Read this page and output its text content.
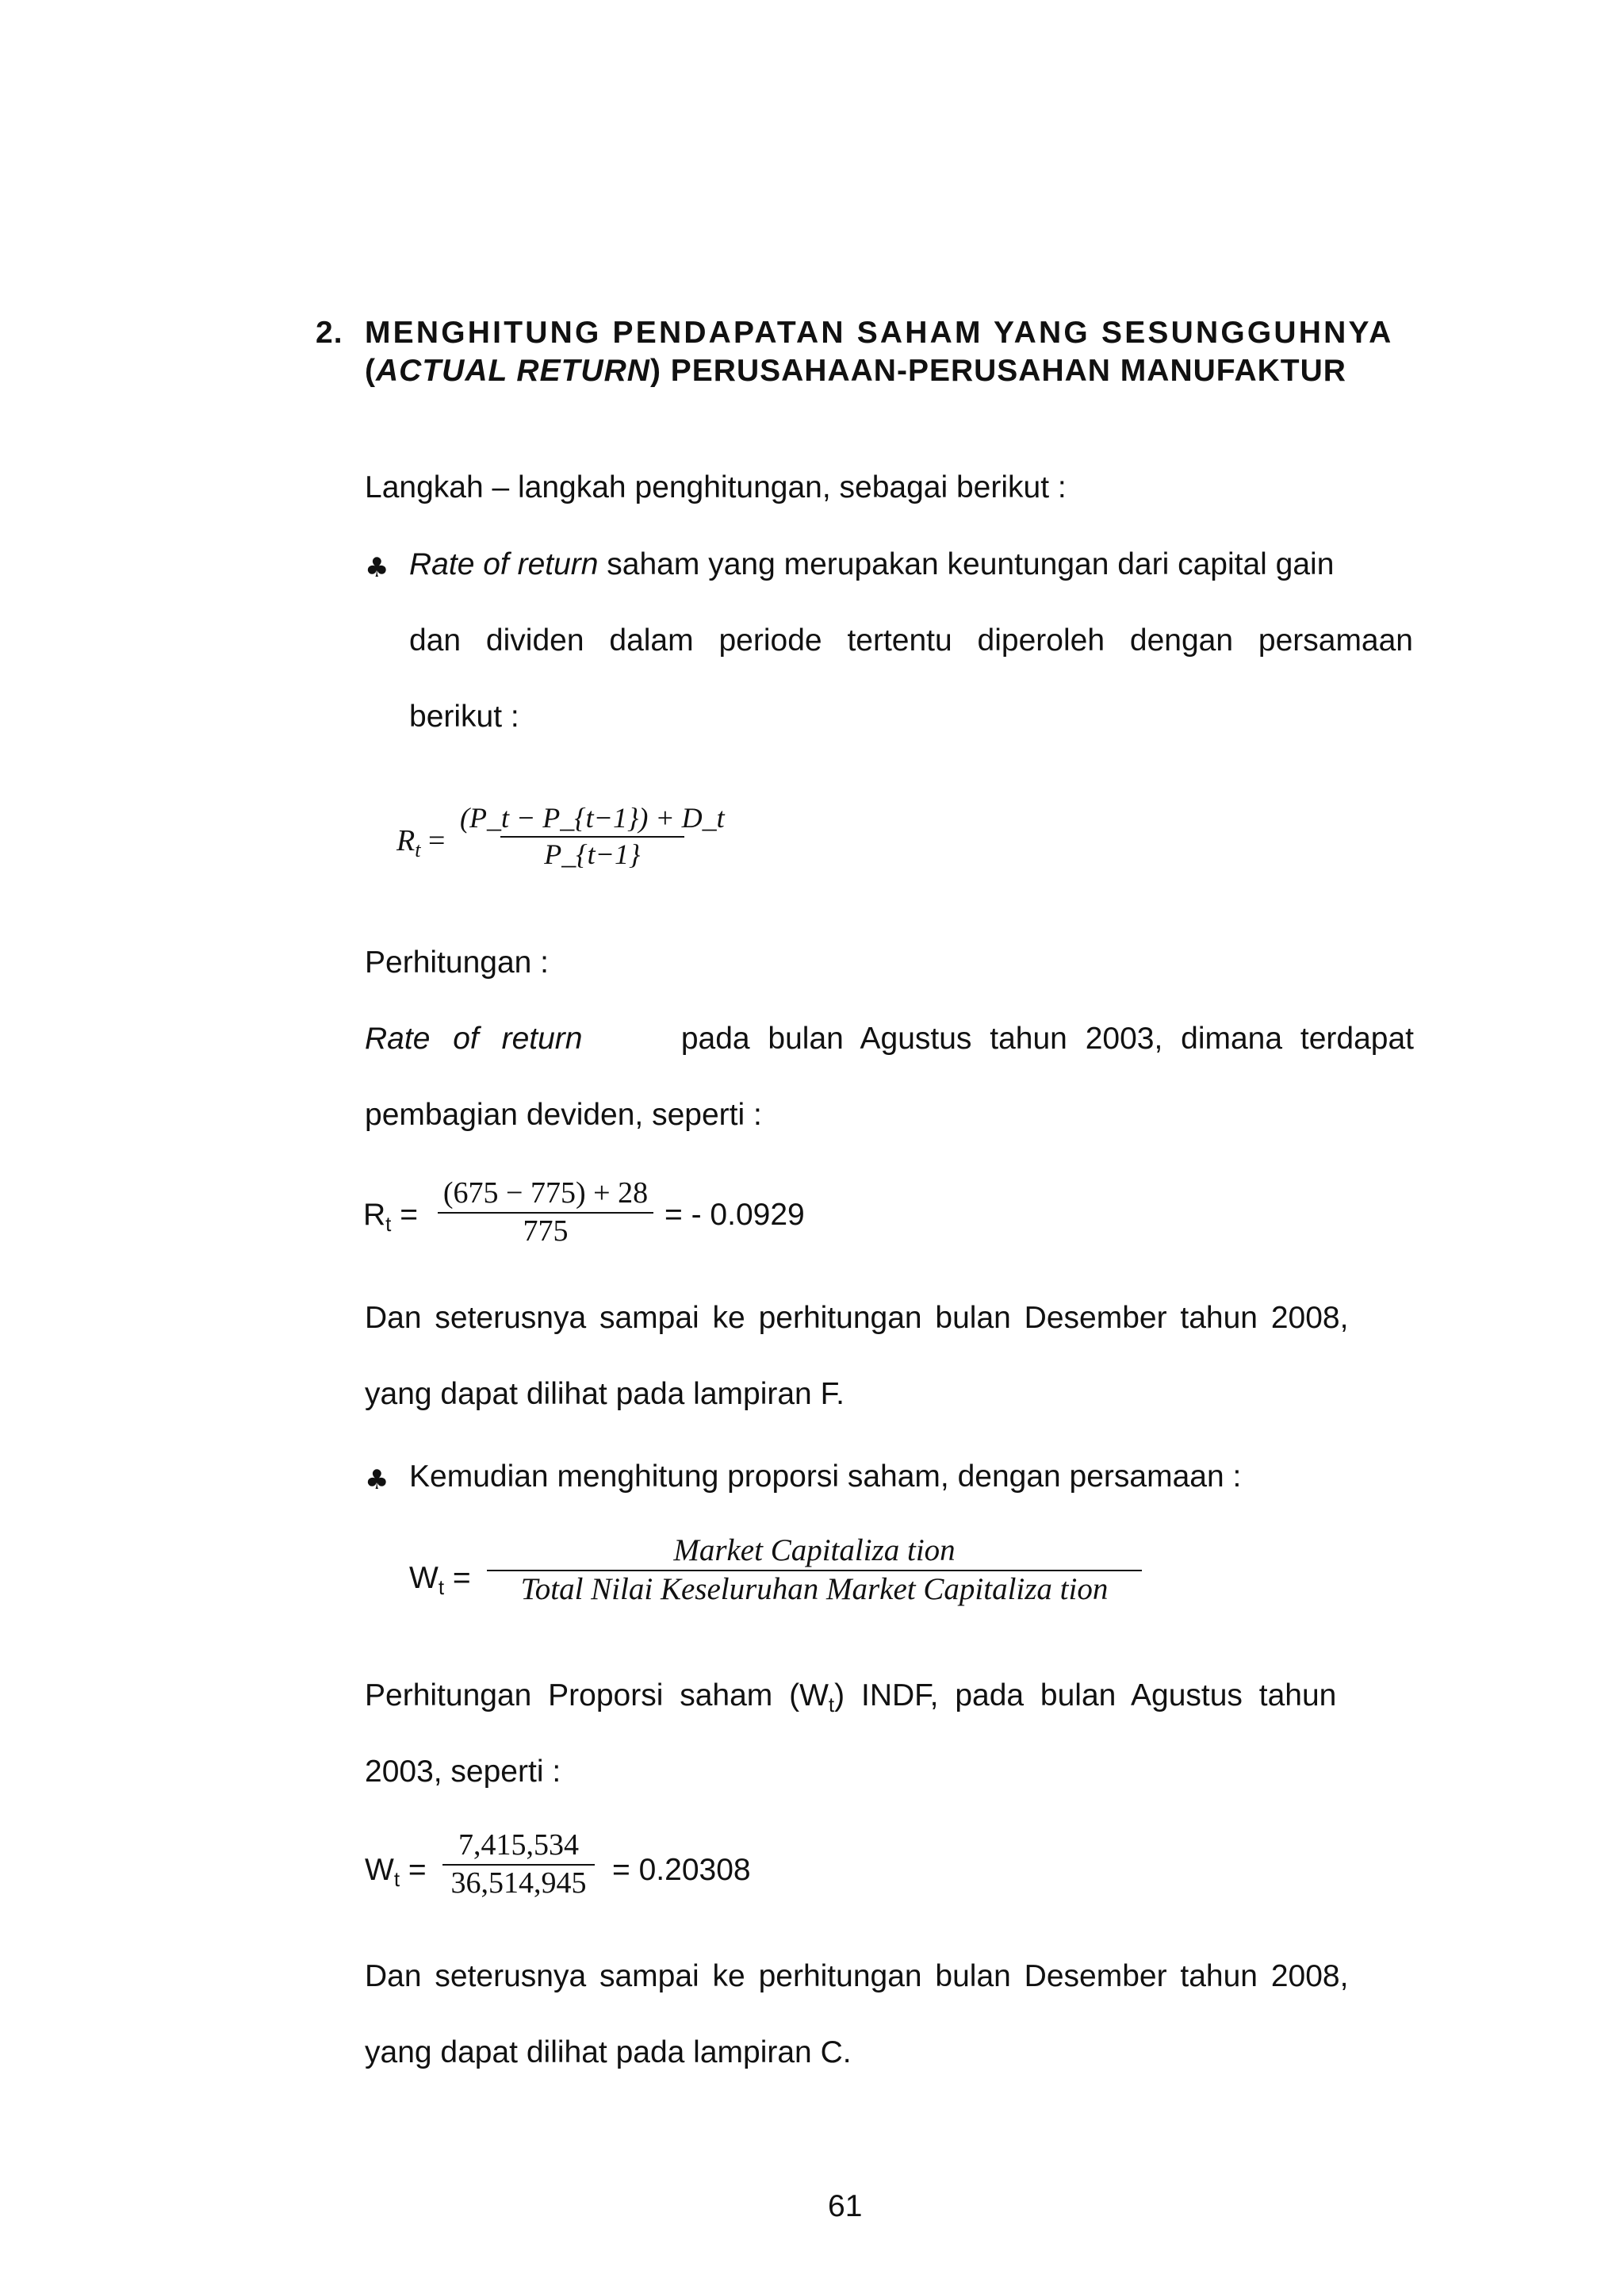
2. MENGHITUNG PENDAPATAN SAHAM YANG SESUNGGUHNYA
(ACTUAL RETURN) PERUSAHAAN-PERUSAHAN MANUFAKTUR
Langkah – langkah penghitungan, sebagai berikut :
♣ Rate of return saham yang merupakan keuntungan dari capital gain
dan dividen dalam periode tertentu diperoleh dengan persamaan
berikut :
$R_t$ =
(P_t − P_{t−1}) + D_t
P_{t−1}
Perhitungan :
Rate of return	pada bulan Agustus tahun 2003, dimana terdapat
pembagian deviden, seperti :
$R_t$ =
(675 − 775) + 28
775	= - 0.0929
Dan seterusnya sampai ke perhitungan bulan Desember tahun 2008,
yang dapat dilihat pada lampiran F.
♣ Kemudian menghitung proporsi saham, dengan persamaan :
$W_t$ =
Market Capitaliza tion
Total Nilai Keseluruhan Market Capitaliza tion
Perhitungan Proporsi saham $(W_t)$ INDF, pada bulan Agustus tahun
2003, seperti :
$W_t$ =
7,415,534
36,514,945 = 0.20308
Dan seterusnya sampai ke perhitungan bulan Desember tahun 2008,
yang dapat dilihat pada lampiran C.
61
